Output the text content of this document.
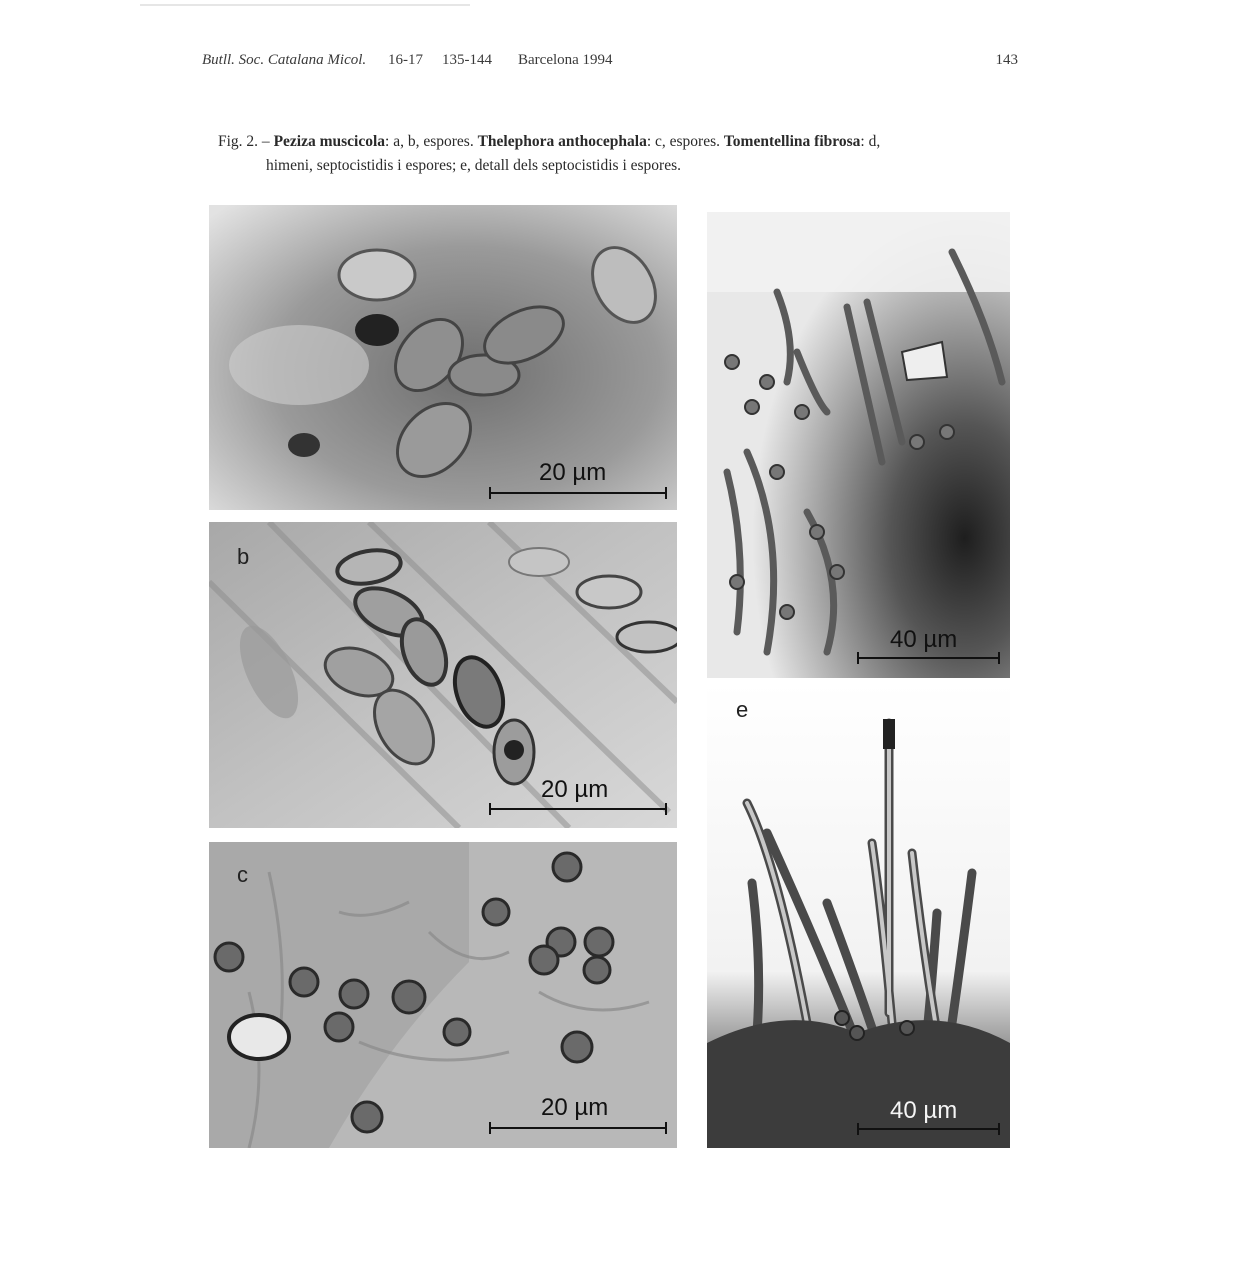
Butll. Soc. Catalana Micol. 16-17 135-144 Barcelona 1994	143
Fig. 2. – Peziza muscicola: a, b, espores. Thelephora anthocephala: c, espores. Tomentellina fibrosa: d,
himeni, septocistidis i espores; e, detall dels septocistidis i espores.
20 µm
b
20 µm
c
20 µm
40 µm
e
40 µm
